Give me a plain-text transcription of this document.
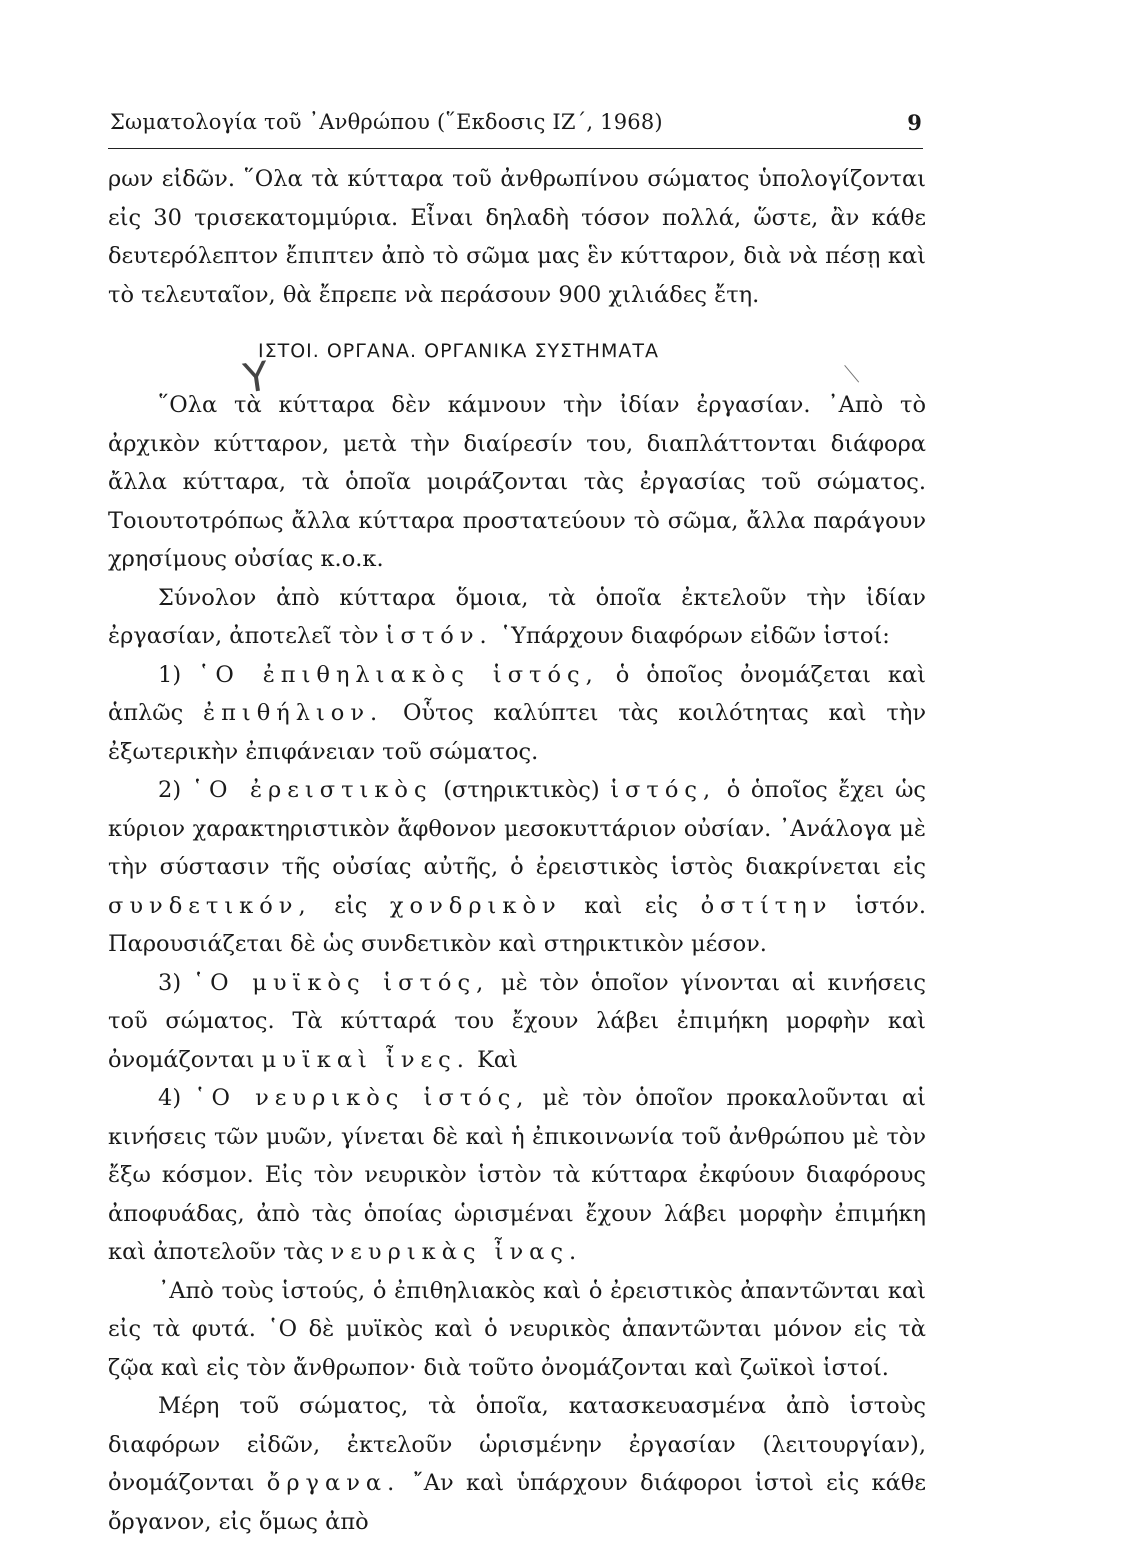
Σωματολογία τοῦ ᾽Ανθρώπου (῞Εκδοσις ΙΖ΄, 1968)	9
Y

ρων εἰδῶν. ῞Ολα τὰ κύτταρα τοῦ ἀνθρωπίνου σώματος ὑπολογίζονται εἰς 30 τρισεκατομμύρια. Εἶναι δηλαδὴ τόσον πολλά, ὥστε, ἂν κάθε δευτερόλεπτον ἔπιπτεν ἀπὸ τὸ σῶμα μας ἓν κύτταρον, διὰ νὰ πέσῃ καὶ τὸ τελευταῖον, θὰ ἔπρεπε νὰ περάσουν 900 χιλιάδες ἔτη.

ΙΣΤΟΙ. ΟΡΓΑΝΑ. ΟΡΓΑΝΙΚΑ ΣΥΣΤΗΜΑΤΑ

῞Ολα τὰ κύτταρα δὲν κάμνουν τὴν ἰδίαν ἐργασίαν. ᾽Απὸ τὸ ἀρχικὸν κύτταρον, μετὰ τὴν διαίρεσίν του, διαπλάττονται διάφορα ἄλλα κύτταρα, τὰ ὁποῖα μοιράζονται τὰς ἐργασίας τοῦ σώματος. Τοιουτοτρόπως ἄλλα κύτταρα προστατεύουν τὸ σῶμα, ἄλλα παράγουν χρησίμους οὐσίας κ.ο.κ.

Σύνολον ἀπὸ κύτταρα ὅμοια, τὰ ὁποῖα ἐκτελοῦν τὴν ἰδίαν ἐργασίαν, ἀποτελεῖ τὸν ἱστόν. ῾Υπάρχουν διαφόρων εἰδῶν ἱστοί:

1) ῾Ο ἐπιθηλιακὸς ἱστός, ὁ ὁποῖος ὀνομάζεται καὶ ἁπλῶς ἐπιθήλιον. Οὗτος καλύπτει τὰς κοιλότητας καὶ τὴν ἐξωτερικὴν ἐπιφάνειαν τοῦ σώματος.

2) ῾Ο ἐρειστικὸς (στηρικτικὸς) ἱστός, ὁ ὁποῖος ἔχει ὡς κύριον χαρακτηριστικὸν ἄφθονον μεσοκυττάριον οὐσίαν. ᾽Ανάλογα μὲ τὴν σύστασιν τῆς οὐσίας αὐτῆς, ὁ ἐρειστικὸς ἱστὸς διακρίνεται εἰς συνδετικόν, εἰς χονδρικὸν καὶ εἰς ὀστίτην ἱστόν. Παρουσιάζεται δὲ ὡς συνδετικὸν καὶ στηρικτικὸν μέσον.

3) ῾Ο μυϊκὸς ἱστός, μὲ τὸν ὁποῖον γίνονται αἱ κινήσεις τοῦ σώματος. Τὰ κύτταρά του ἔχουν λάβει ἐπιμήκη μορφὴν καὶ ὀνομάζονται μυϊκαὶ ἶνες. Καὶ

4) ῾Ο νευρικὸς ἱστός, μὲ τὸν ὁποῖον προκαλοῦνται αἱ κινήσεις τῶν μυῶν, γίνεται δὲ καὶ ἡ ἐπικοινωνία τοῦ ἀνθρώπου μὲ τὸν ἔξω κόσμον. Εἰς τὸν νευρικὸν ἱστὸν τὰ κύτταρα ἐκφύουν διαφόρους ἀποφυάδας, ἀπὸ τὰς ὁποίας ὡρισμέναι ἔχουν λάβει μορφὴν ἐπιμήκη καὶ ἀποτελοῦν τὰς νευρικὰς ἶνας.

᾽Απὸ τοὺς ἱστούς, ὁ ἐπιθηλιακὸς καὶ ὁ ἐρειστικὸς ἀπαντῶνται καὶ εἰς τὰ φυτά. ῾Ο δὲ μυϊκὸς καὶ ὁ νευρικὸς ἀπαντῶνται μόνον εἰς τὰ ζῷα καὶ εἰς τὸν ἄνθρωπον· διὰ τοῦτο ὀνομάζονται καὶ ζωϊκοὶ ἱστοί.

Μέρη τοῦ σώματος, τὰ ὁποῖα, κατασκευασμένα ἀπὸ ἱστοὺς διαφόρων εἰδῶν, ἐκτελοῦν ὡρισμένην ἐργασίαν (λειτουργίαν), ὀνομάζονται ὄργανα. ῎Αν καὶ ὑπάρχουν διάφοροι ἱστοὶ εἰς κάθε ὄργανον, εἰς ὅμως ἀπὸ
